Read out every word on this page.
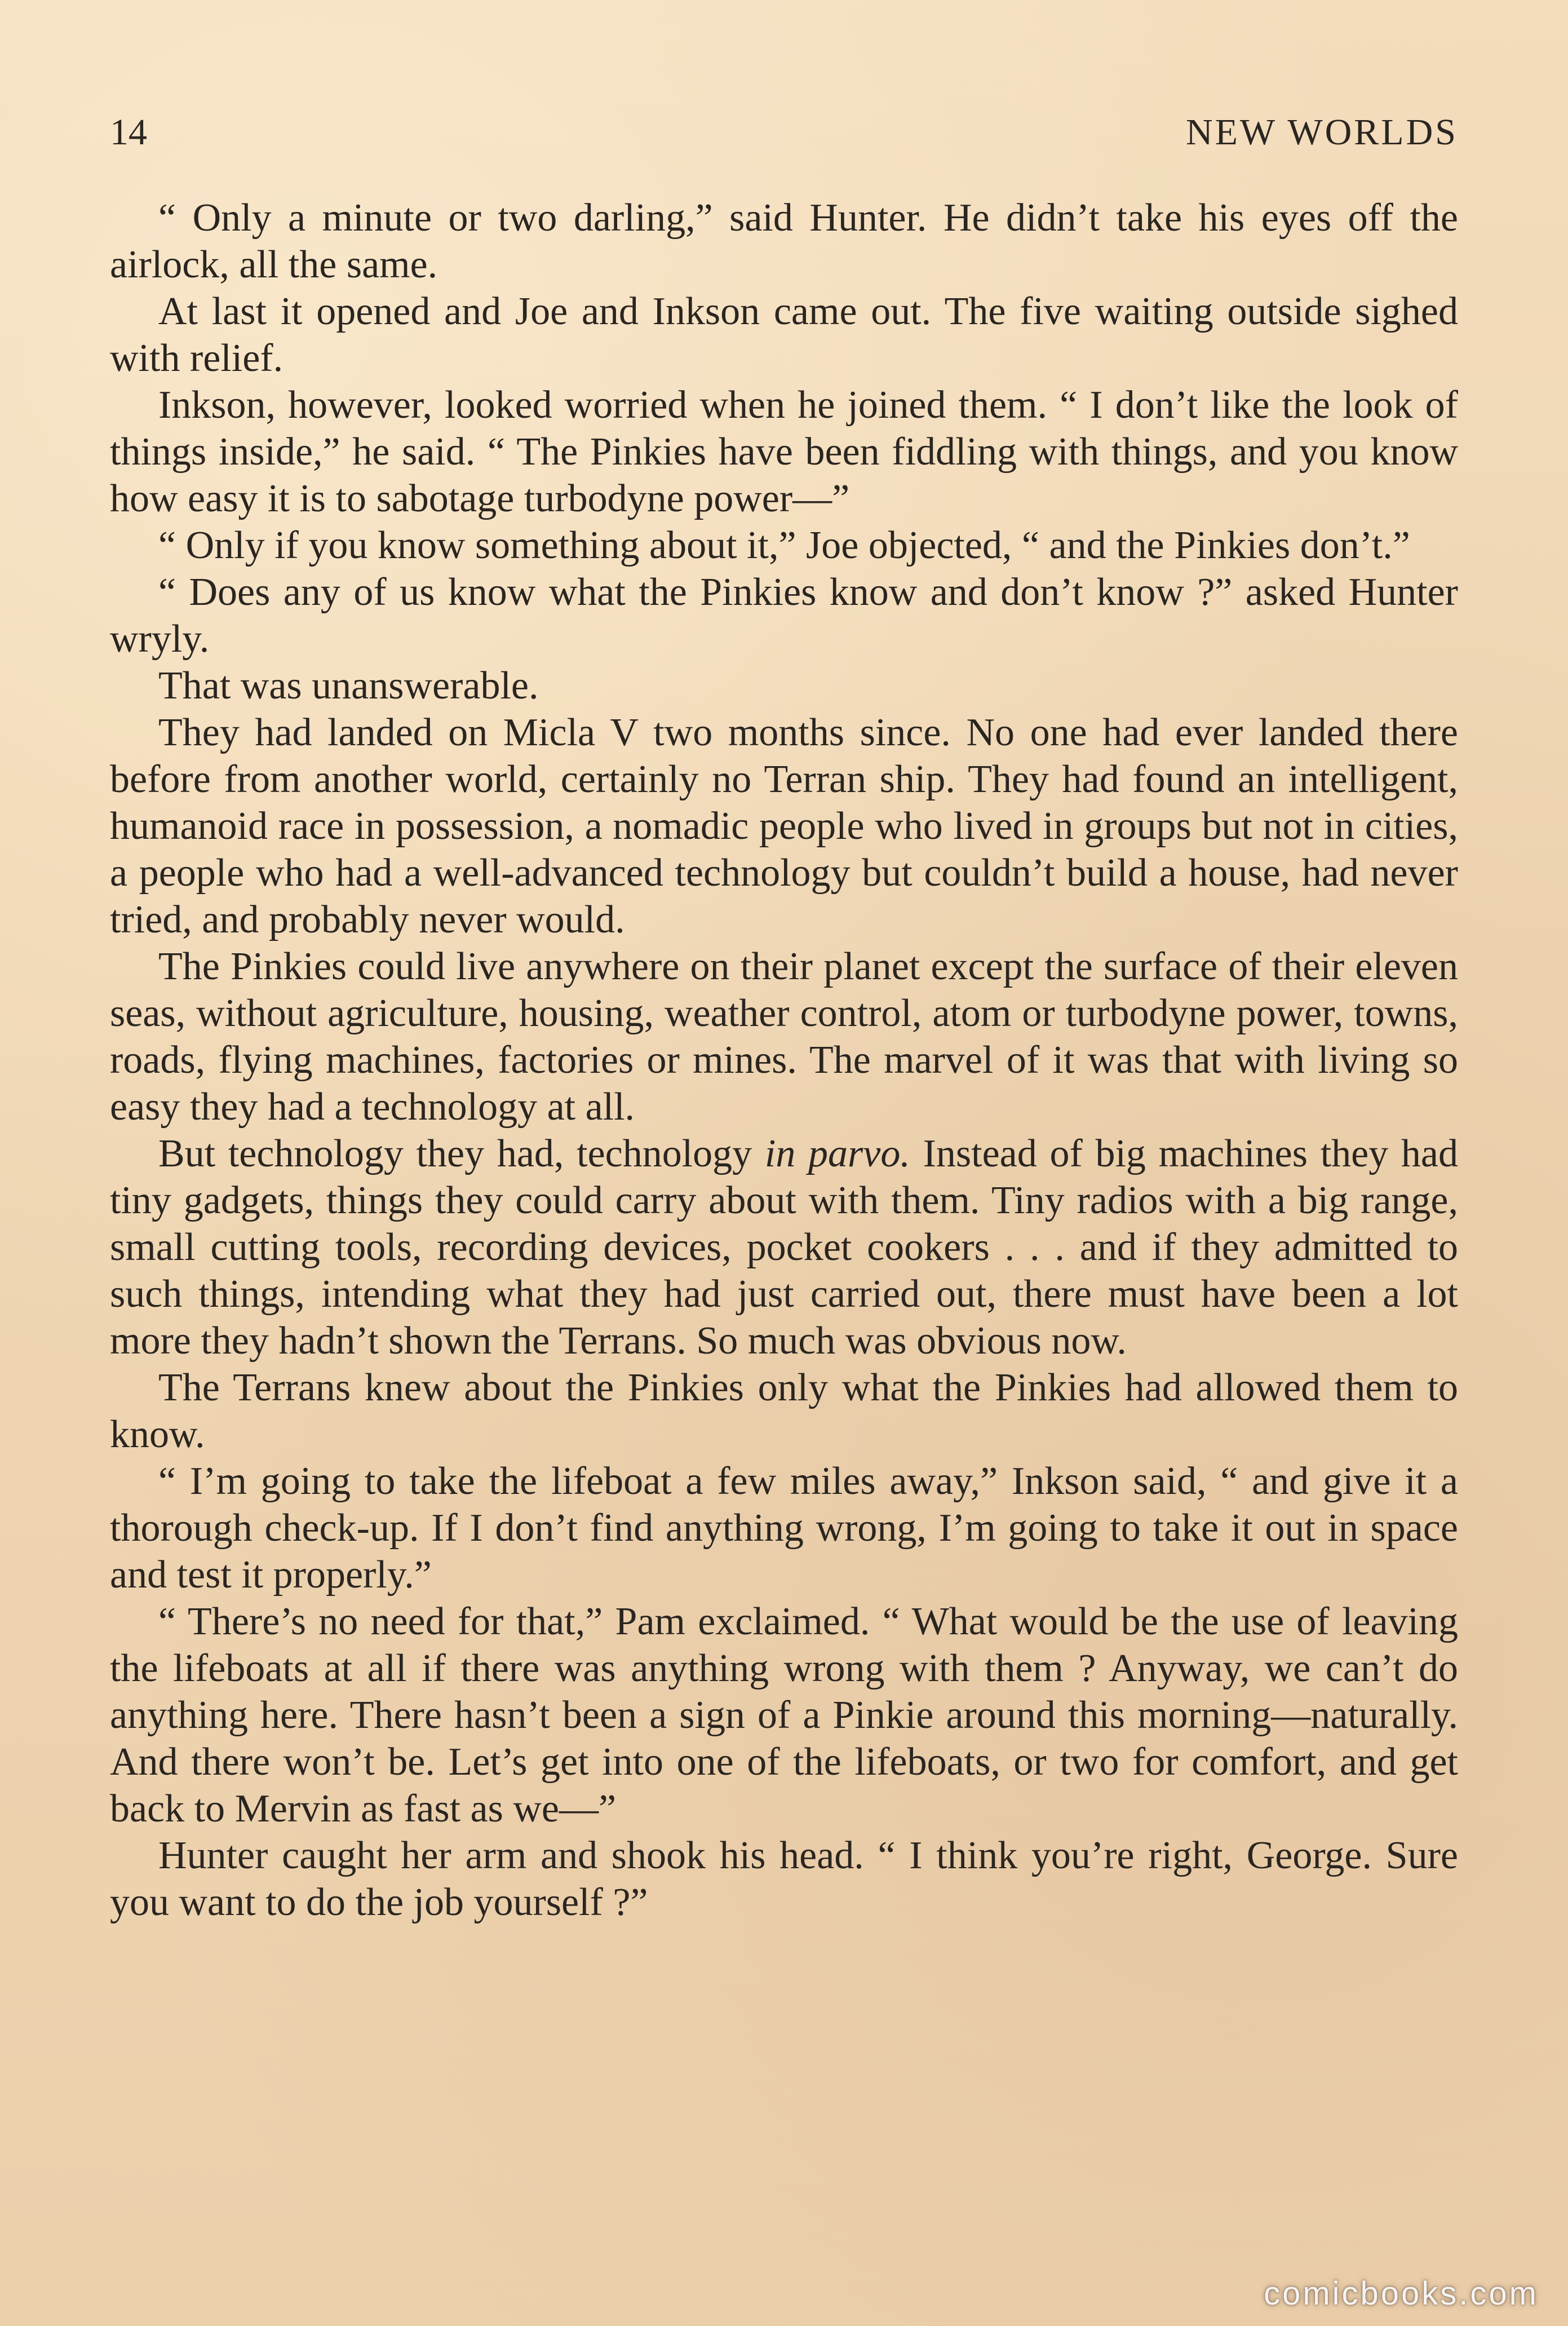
14	NEW WORLDS

“ Only a minute or two darling,” said Hunter. He didn’t take his eyes off the airlock, all the same.

At last it opened and Joe and Inkson came out. The five waiting outside sighed with relief.

Inkson, however, looked worried when he joined them. “ I don’t like the look of things inside,” he said. “ The Pinkies have been fiddling with things, and you know how easy it is to sabotage turbodyne power—”

“ Only if you know something about it,” Joe objected, “ and the Pinkies don’t.”

“ Does any of us know what the Pinkies know and don’t know ?” asked Hunter wryly.

That was unanswerable.

They had landed on Micla V two months since. No one had ever landed there before from another world, certainly no Terran ship. They had found an intelligent, humanoid race in possession, a nomadic people who lived in groups but not in cities, a people who had a well-advanced technology but couldn’t build a house, had never tried, and probably never would.

The Pinkies could live anywhere on their planet except the surface of their eleven seas, without agriculture, housing, weather control, atom or turbodyne power, towns, roads, flying machines, factories or mines. The marvel of it was that with living so easy they had a technology at all.

But technology they had, technology in parvo. Instead of big machines they had tiny gadgets, things they could carry about with them. Tiny radios with a big range, small cutting tools, recording devices, pocket cookers . . . and if they admitted to such things, intending what they had just carried out, there must have been a lot more they hadn’t shown the Terrans. So much was obvious now.

The Terrans knew about the Pinkies only what the Pinkies had allowed them to know.

“ I’m going to take the lifeboat a few miles away,” Inkson said, “ and give it a thorough check-up. If I don’t find anything wrong, I’m going to take it out in space and test it properly.”

“ There’s no need for that,” Pam exclaimed. “ What would be the use of leaving the lifeboats at all if there was anything wrong with them ? Anyway, we can’t do anything here. There hasn’t been a sign of a Pinkie around this morning—naturally. And there won’t be. Let’s get into one of the lifeboats, or two for comfort, and get back to Mervin as fast as we—”

Hunter caught her arm and shook his head. “ I think you’re right, George. Sure you want to do the job yourself ?”

comicbooks.com
